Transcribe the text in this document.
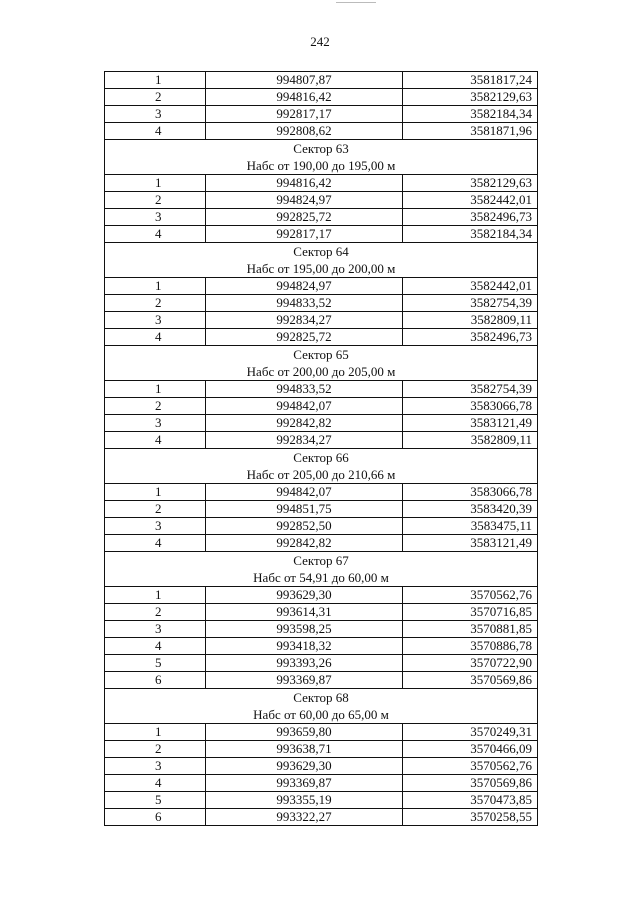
242
1	994807,87	3581817,24
2	994816,42	3582129,63
3	992817,17	3582184,34
4	992808,62	3581871,96
Сектор 63		
Набс от 190,00 до 195,00 м		
1	994816,42	3582129,63
2	994824,97	3582442,01
3	992825,72	3582496,73
4	992817,17	3582184,34
Сектор 64		
Набс от 195,00 до 200,00 м		
1	994824,97	3582442,01
2	994833,52	3582754,39
3	992834,27	3582809,11
4	992825,72	3582496,73
Сектор 65		
Набс от 200,00 до 205,00 м		
1	994833,52	3582754,39
2	994842,07	3583066,78
3	992842,82	3583121,49
4	992834,27	3582809,11
Сектор 66		
Набс от 205,00 до 210,66 м		
1	994842,07	3583066,78
2	994851,75	3583420,39
3	992852,50	3583475,11
4	992842,82	3583121,49
Сектор 67		
Набс от 54,91 до 60,00 м		
1	993629,30	3570562,76
2	993614,31	3570716,85
3	993598,25	3570881,85
4	993418,32	3570886,78
5	993393,26	3570722,90
6	993369,87	3570569,86
Сектор 68		
Набс от 60,00 до 65,00 м		
1	993659,80	3570249,31
2	993638,71	3570466,09
3	993629,30	3570562,76
4	993369,87	3570569,86
5	993355,19	3570473,85
6	993322,27	3570258,55
